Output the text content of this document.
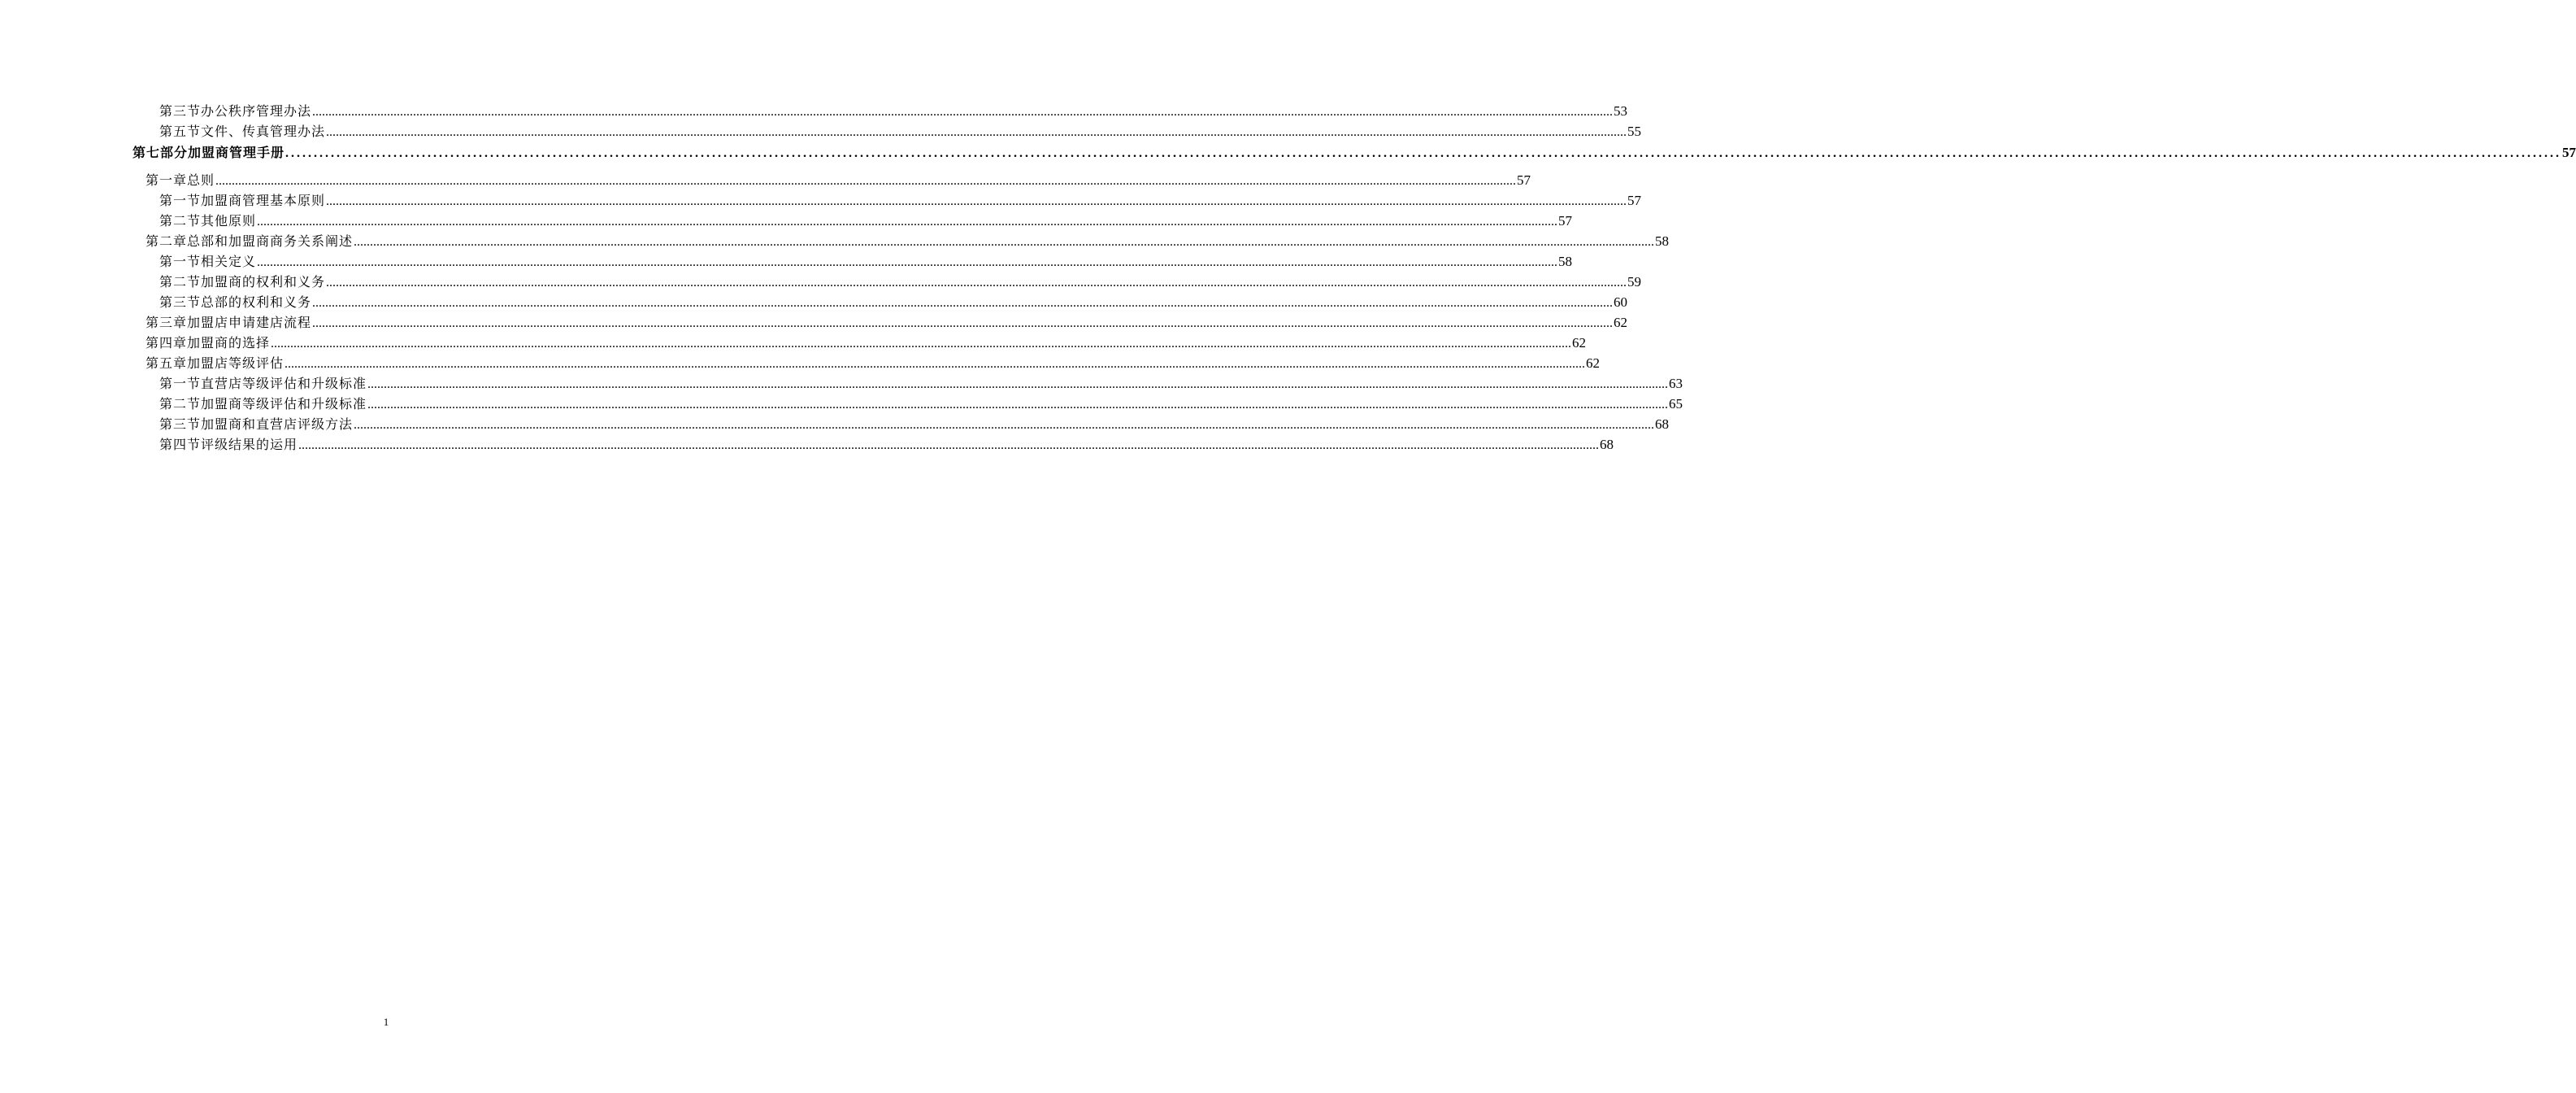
第三节 办公秩序管理办法 ................................................................................................................................................................................................................................................................................................................................................................................................................ 53
第五节 文件、传真管理办法 ................................................................................................................................................................................................................................................................................................................................................................................................................ 55
第七部分 加盟商管理手册 ................................................................................................................................................................................................................................................................................................................................................................................................................ 57
第一章 总则 ................................................................................................................................................................................................................................................................................................................................................................................................................ 57
第一节 加盟商管理基本原则 ................................................................................................................................................................................................................................................................................................................................................................................................................ 57
第二节 其他原则 ................................................................................................................................................................................................................................................................................................................................................................................................................ 57
第二章 总部和加盟商商务关系阐述 ................................................................................................................................................................................................................................................................................................................................................................................................................ 58
第一节 相关定义 ................................................................................................................................................................................................................................................................................................................................................................................................................ 58
第二节 加盟商的权利和义务 ................................................................................................................................................................................................................................................................................................................................................................................................................ 59
第三节 总部的权利和义务 ................................................................................................................................................................................................................................................................................................................................................................................................................ 60
第三章 加盟店申请建店流程 ................................................................................................................................................................................................................................................................................................................................................................................................................ 62
第四章 加盟商的选择 ................................................................................................................................................................................................................................................................................................................................................................................................................ 62
第五章 加盟店等级评估 ................................................................................................................................................................................................................................................................................................................................................................................................................ 62
第一节 直营店等级评估和升级标准 ................................................................................................................................................................................................................................................................................................................................................................................................................ 63
第二节 加盟商等级评估和升级标准 ................................................................................................................................................................................................................................................................................................................................................................................................................ 65
第三节 加盟商和直营店评级方法 ................................................................................................................................................................................................................................................................................................................................................................................................................ 68
第四节 评级结果的运用 ................................................................................................................................................................................................................................................................................................................................................................................................................ 68
1
